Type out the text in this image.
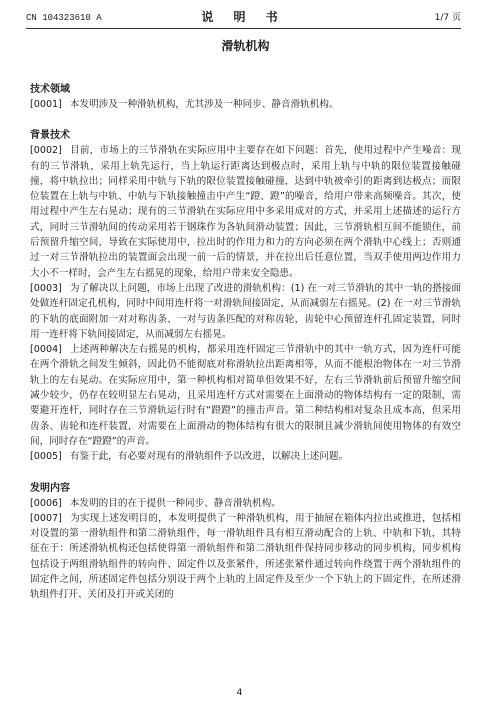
CN 104323610 A	说 明 书	1/7 页

滑轨机构

技术领域

[0001] 本发明涉及一种滑轨机构，尤其涉及一种同步、静音滑轨机构。

背景技术

[0002] 目前，市场上的三节滑轨在实际应用中主要存在如下问题：首先，使用过程中产生噪音：现有的三节滑轨，采用上轨先运行，当上轨运行距离达到极点时，采用上轨与中轨的限位装置接触碰撞，将中轨拉出；同样采用中轨与下轨的限位装置接触碰撞，达到中轨被牵引的距离到达极点；而限位装置在上轨与中轨、中轨与下轨接触撞击中产生“蹬、蹬”的噪音，给用户带来高频噪音。其次，使用过程中产生左右晃动；现有的三节滑轨在实际应用中多采用成对的方式，并采用上述描述的运行方式，同时三节滑轨间的传动采用若干钢珠作为各轨间滑动装置；因此，三节滑轨相互间不能锁住，前后预留升缩空间，导致在实际使用中，拉出时的作用力和力的方向必须在两个滑轨中心线上；否则通过一对三节滑轨拉出的装置面会出现一前一后的情景，并在拉出后任意位置，当双手使用两边作用力大小不一样时，会产生左右摇晃的现象，给用户带来安全隐患。

[0003] 为了解决以上问题，市场上出现了改进的滑轨机构：(1) 在一对三节滑轨的其中一轨的搭接面处做连杆固定孔机构，同时中间用连杆将一对滑轨间接固定，从而减弱左右摇晃。(2) 在一对三节滑轨的下轨的底面附加一对对称齿条、一对与齿条匹配的对称齿轮，齿轮中心预留连杆孔固定装置，同时用一连杆将下轨间接固定，从而减弱左右摇晃。

[0004] 上述两种解决左右摇晃的机构，都采用连杆固定三节滑轨中的其中一轨方式，因为连杆可能在两个滑轨之间发生倾斜，因此仍不能彻底对称滑轨拉出距离相等，从而不能根治物体在一对三节滑轨上的左右晃动。在实际应用中，第一种机构相对简单但效果不好，左右三节滑轨前后预留升缩空间减少较少，仍存在较明显左右晃动，且采用连杆方式对需要在上面滑动的物体结构有一定的限制，需要避开连杆，同时存在三节滑轨运行时有“蹬蹬”的撞击声音。第二种结构相对复杂且成本高，但采用齿条、齿轮和连杆装置，对需要在上面滑动的物体结构有很大的限制且减少滑轨间使用物体的有效空间，同时存在“蹬蹬”的声音。

[0005] 有鉴于此，有必要对现有的滑轨组件予以改进，以解决上述问题。

发明内容

[0006] 本发明的目的在于提供一种同步、静音滑轨机构。

[0007] 为实现上述发明目的，本发明提供了一种滑轨机构，用于抽屉在箱体内拉出或推进，包括相对设置的第一滑轨组件和第二滑轨组件，每一滑轨组件具有相互滑动配合的上轨、中轨和下轨，其特征在于：所述滑轨机构还包括使得第一滑轨组件和第二滑轨组件保持同步移动的同步机构，同步机构包括设于两组滑轨组件的转向件、固定件以及张紧件，所述张紧件通过转向件绕置于两个滑轨组件的固定件之间，所述固定件包括分别设于两个上轨的上固定件及至少一个下轨上的下固定件，在所述滑轨组件打开、关闭及打开或关闭的

4
